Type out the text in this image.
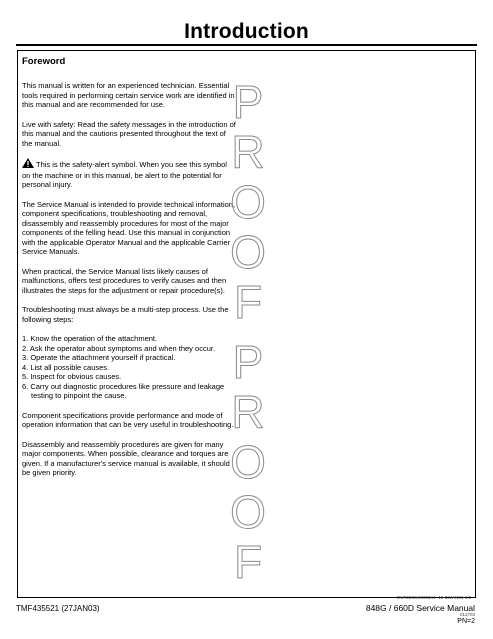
Introduction
Foreword

This manual is written for an experienced technician. Essential tools required in performing certain service work are identified in this manual and are recommended for use.

Live with safety: Read the safety messages in the introduction of this manual and the cautions presented throughout the text of the manual.

This is the safety-alert symbol. When you see this symbol on the machine or in this manual, be alert to the potential for personal injury.

The Service Manual is intended to provide technical information, component specifications, troubleshooting and removal, disassembly and reassembly procedures for most of the major components of the felling head. Use this manual in conjunction with the applicable Operator Manual and the applicable Carrier Service Manuals.

When practical, the Service Manual lists likely causes of malfunctions, offers test procedures to verify causes and then illustrates the steps for the adjustment or repair procedure(s).

Troubleshooting must always be a multi-step process. Use the following steps:

1. Know the operation of the attachment.
2. Ask the operator about symptoms and when they occur.
3. Operate the attachment yourself if practical.
4. List all possible causes.
5. Inspect for obvious causes.
6. Carry out diagnostic procedures like pressure and leakage testing to pinpoint the cause.

Component specifications provide performance and mode of operation information that can be very useful in troubleshooting.

Disassembly and reassembly procedures are given for many major components. When possible, clearance and torques are given. If a manufacturer's service manual is available, it should be given priority.

P
R
O
O
F
P
R
O
O
F
OUTJD03,0000344 -19-22JAN01-1/2
TMF435521 (27JAN03)	848G / 660D Service Manual
012703
PN=2
